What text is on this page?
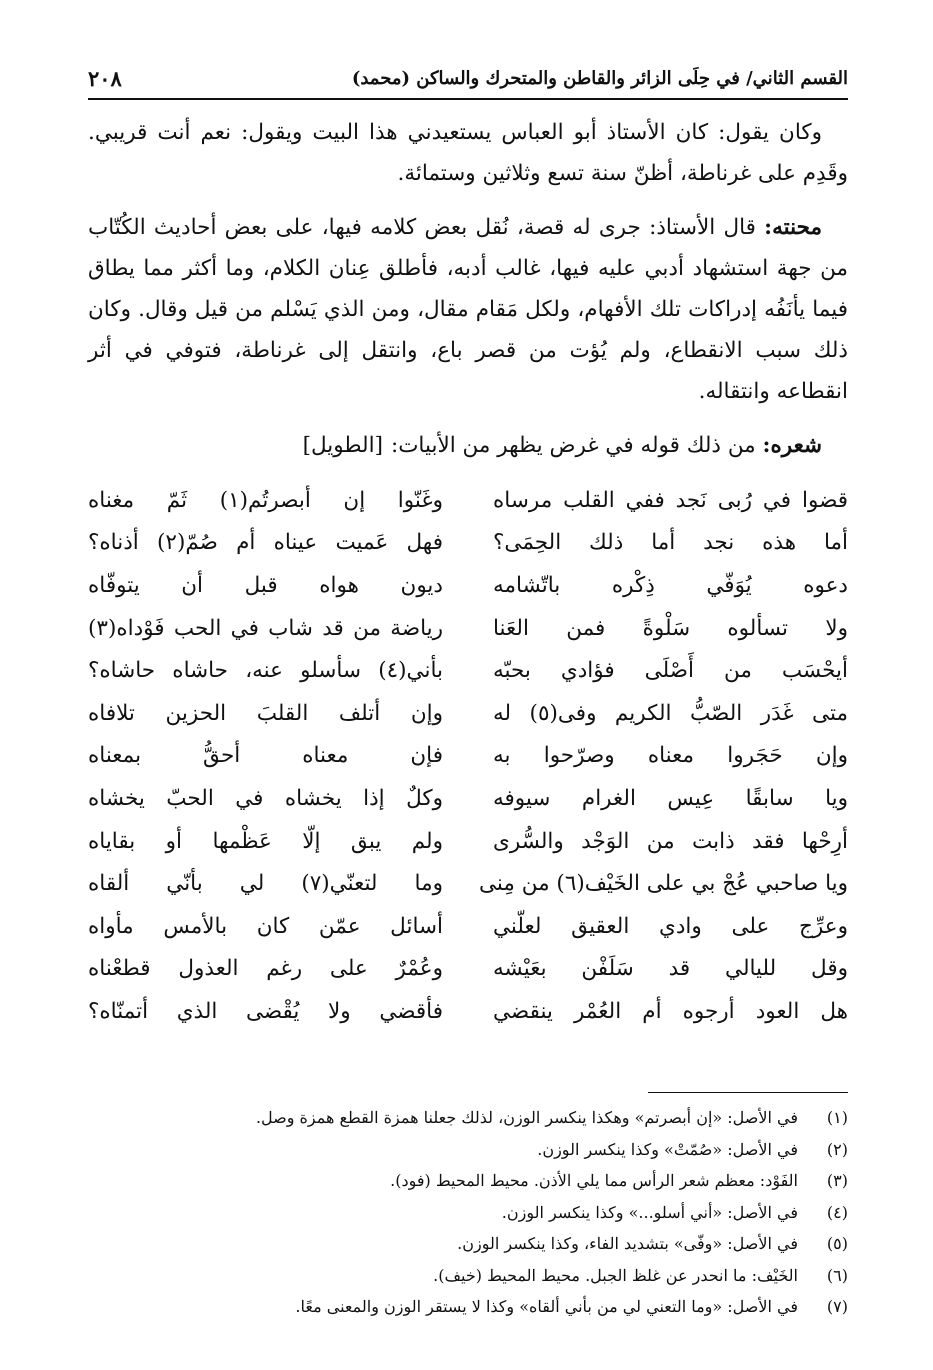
القسم الثاني/ في حِلَى الزائر والقاطن والمتحرك والساكن (محمد)
٢٠٨

وكان يقول: كان الأستاذ أبو العباس يستعيدني هذا البيت ويقول: نعم أنت قريبي. وقَدِم على غرناطة، أظنّ سنة تسع وثلاثين وستمائة.

محنته: قال الأستاذ: جرى له قصة، نُقل بعض كلامه فيها، على بعض أحاديث الكُتّاب من جهة استشهاد أدبي عليه فيها، غالب أدبه، فأطلق عِنان الكلام، وما أكثر مما يطاق فيما يأنَفُه إدراكات تلك الأفهام، ولكل مَقام مقال، ومن الذي يَسْلم من قيل وقال. وكان ذلك سبب الانقطاع، ولم يُؤت من قصر باع، وانتقل إلى غرناطة، فتوفي في أثر انقطاعه وانتقاله.

شعره: من ذلك قوله في غرض يظهر من الأبيات:[الطويل]

قضوا في رُبى نَجد ففي القلب مرساه
وغَنّوا إن أبصرتُم(١) ثَمّ مغناه
أما هذه نجد أما ذلك الحِمَى؟
فهل عَميت عيناه أم صُمّ(٢) أذناه؟
دعوه يُوَفّي ذِكْره باتّشامه
ديون هواه قبل أن يتوفّاه
ولا تسألوه سَلْوةً فمن العَنا
رياضة من قد شاب في الحب فَوْداه(٣)
أيحْسَب من أَصْلَى فؤادي بحبّه
بأني(٤) سأسلو عنه، حاشاه حاشاه؟
متى غَدَر الصّبُّ الكريم وفى(٥) له
وإن أتلف القلبَ الحزين تلافاه
وإن حَجَروا معناه وصرّحوا به
فإن معناه أحقُّ بمعناه
ويا سابقًا عِيس الغرام سيوفه
وكلٌ إذا يخشاه في الحبّ يخشاه
أرِحْها فقد ذابت من الوَجْد والسُّرى
ولم يبق إلّا عَظْمها أو بقاياه
ويا صاحبي عُجْ بي على الخَيْف(٦) من مِنى
وما لتعنّي(٧) لي بأنّي ألقاه
وعرِّج على وادي العقيق لعلّني
أسائل عمّن كان بالأمس مأواه
وقل لليالي قد سَلَفْن بعَيْشه
وعُمْرٌ على رغم العذول قطعْناه
هل العود أرجوه أم العُمْر ينقضي
فأقضي ولا يُقْضى الذي أتمنّاه؟
(١)
في الأصل: «إن أبصرتم» وهكذا ينكسر الوزن، لذلك جعلنا همزة القطع همزة وصل.
(٢)
في الأصل: «صُمّتْ» وكذا ينكسر الوزن.
(٣)
الفَوْد: معظم شعر الرأس مما يلي الأذن. محيط المحيط (فود).
(٤)
في الأصل: «أني أسلو...» وكذا ينكسر الوزن.
(٥)
في الأصل: «وفّى» بتشديد الفاء، وكذا ينكسر الوزن.
(٦)
الخَيْف: ما انحدر عن غلظ الجبل. محيط المحيط (خيف).
(٧)
في الأصل: «وما التعني لي من بأني ألقاه» وكذا لا يستقر الوزن والمعنى معًا.
